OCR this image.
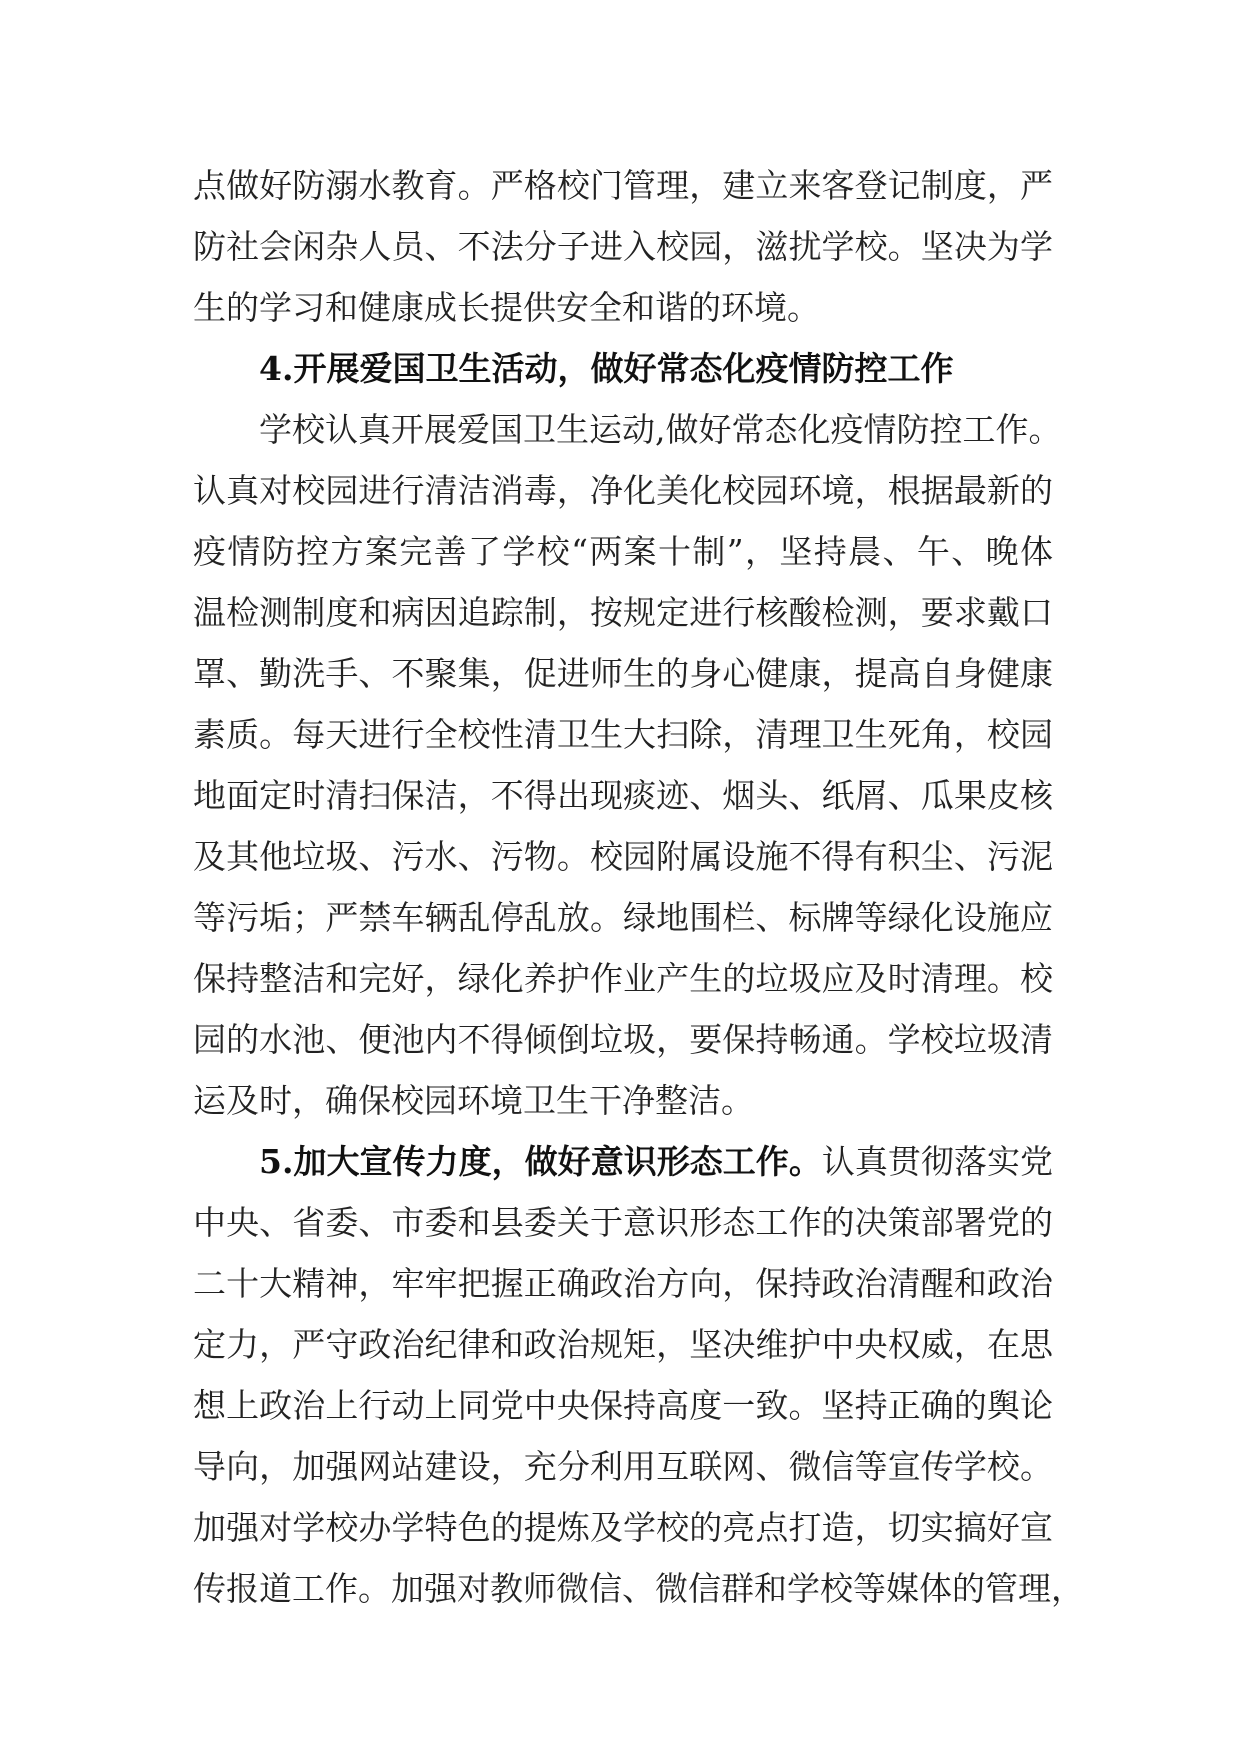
点做好防溺水教育。严格校门管理，建立来客登记制度，严
防社会闲杂人员、不法分子进入校园，滋扰学校。坚决为学
生的学习和健康成长提供安全和谐的环境。
4.开展爱国卫生活动，做好常态化疫情防控工作
学校认真开展爱国卫生运动,做好常态化疫情防控工作。
认真对校园进行清洁消毒，净化美化校园环境，根据最新的
疫情防控方案完善了学校“两案十制”，坚持晨、午、晚体
温检测制度和病因追踪制，按规定进行核酸检测，要求戴口
罩、勤洗手、不聚集，促进师生的身心健康，提高自身健康
素质。每天进行全校性清卫生大扫除，清理卫生死角，校园
地面定时清扫保洁，不得出现痰迹、烟头、纸屑、瓜果皮核
及其他垃圾、污水、污物。校园附属设施不得有积尘、污泥
等污垢；严禁车辆乱停乱放。绿地围栏、标牌等绿化设施应
保持整洁和完好，绿化养护作业产生的垃圾应及时清理。校
园的水池、便池内不得倾倒垃圾，要保持畅通。学校垃圾清
运及时，确保校园环境卫生干净整洁。
5.加大宣传力度，做好意识形态工作。认真贯彻落实党
中央、省委、市委和县委关于意识形态工作的决策部署党的
二十大精神，牢牢把握正确政治方向，保持政治清醒和政治
定力，严守政治纪律和政治规矩，坚决维护中央权威，在思
想上政治上行动上同党中央保持高度一致。坚持正确的舆论
导向，加强网站建设，充分利用互联网、微信等宣传学校。
加强对学校办学特色的提炼及学校的亮点打造，切实搞好宣
传报道工作。加强对教师微信、微信群和学校等媒体的管理，
